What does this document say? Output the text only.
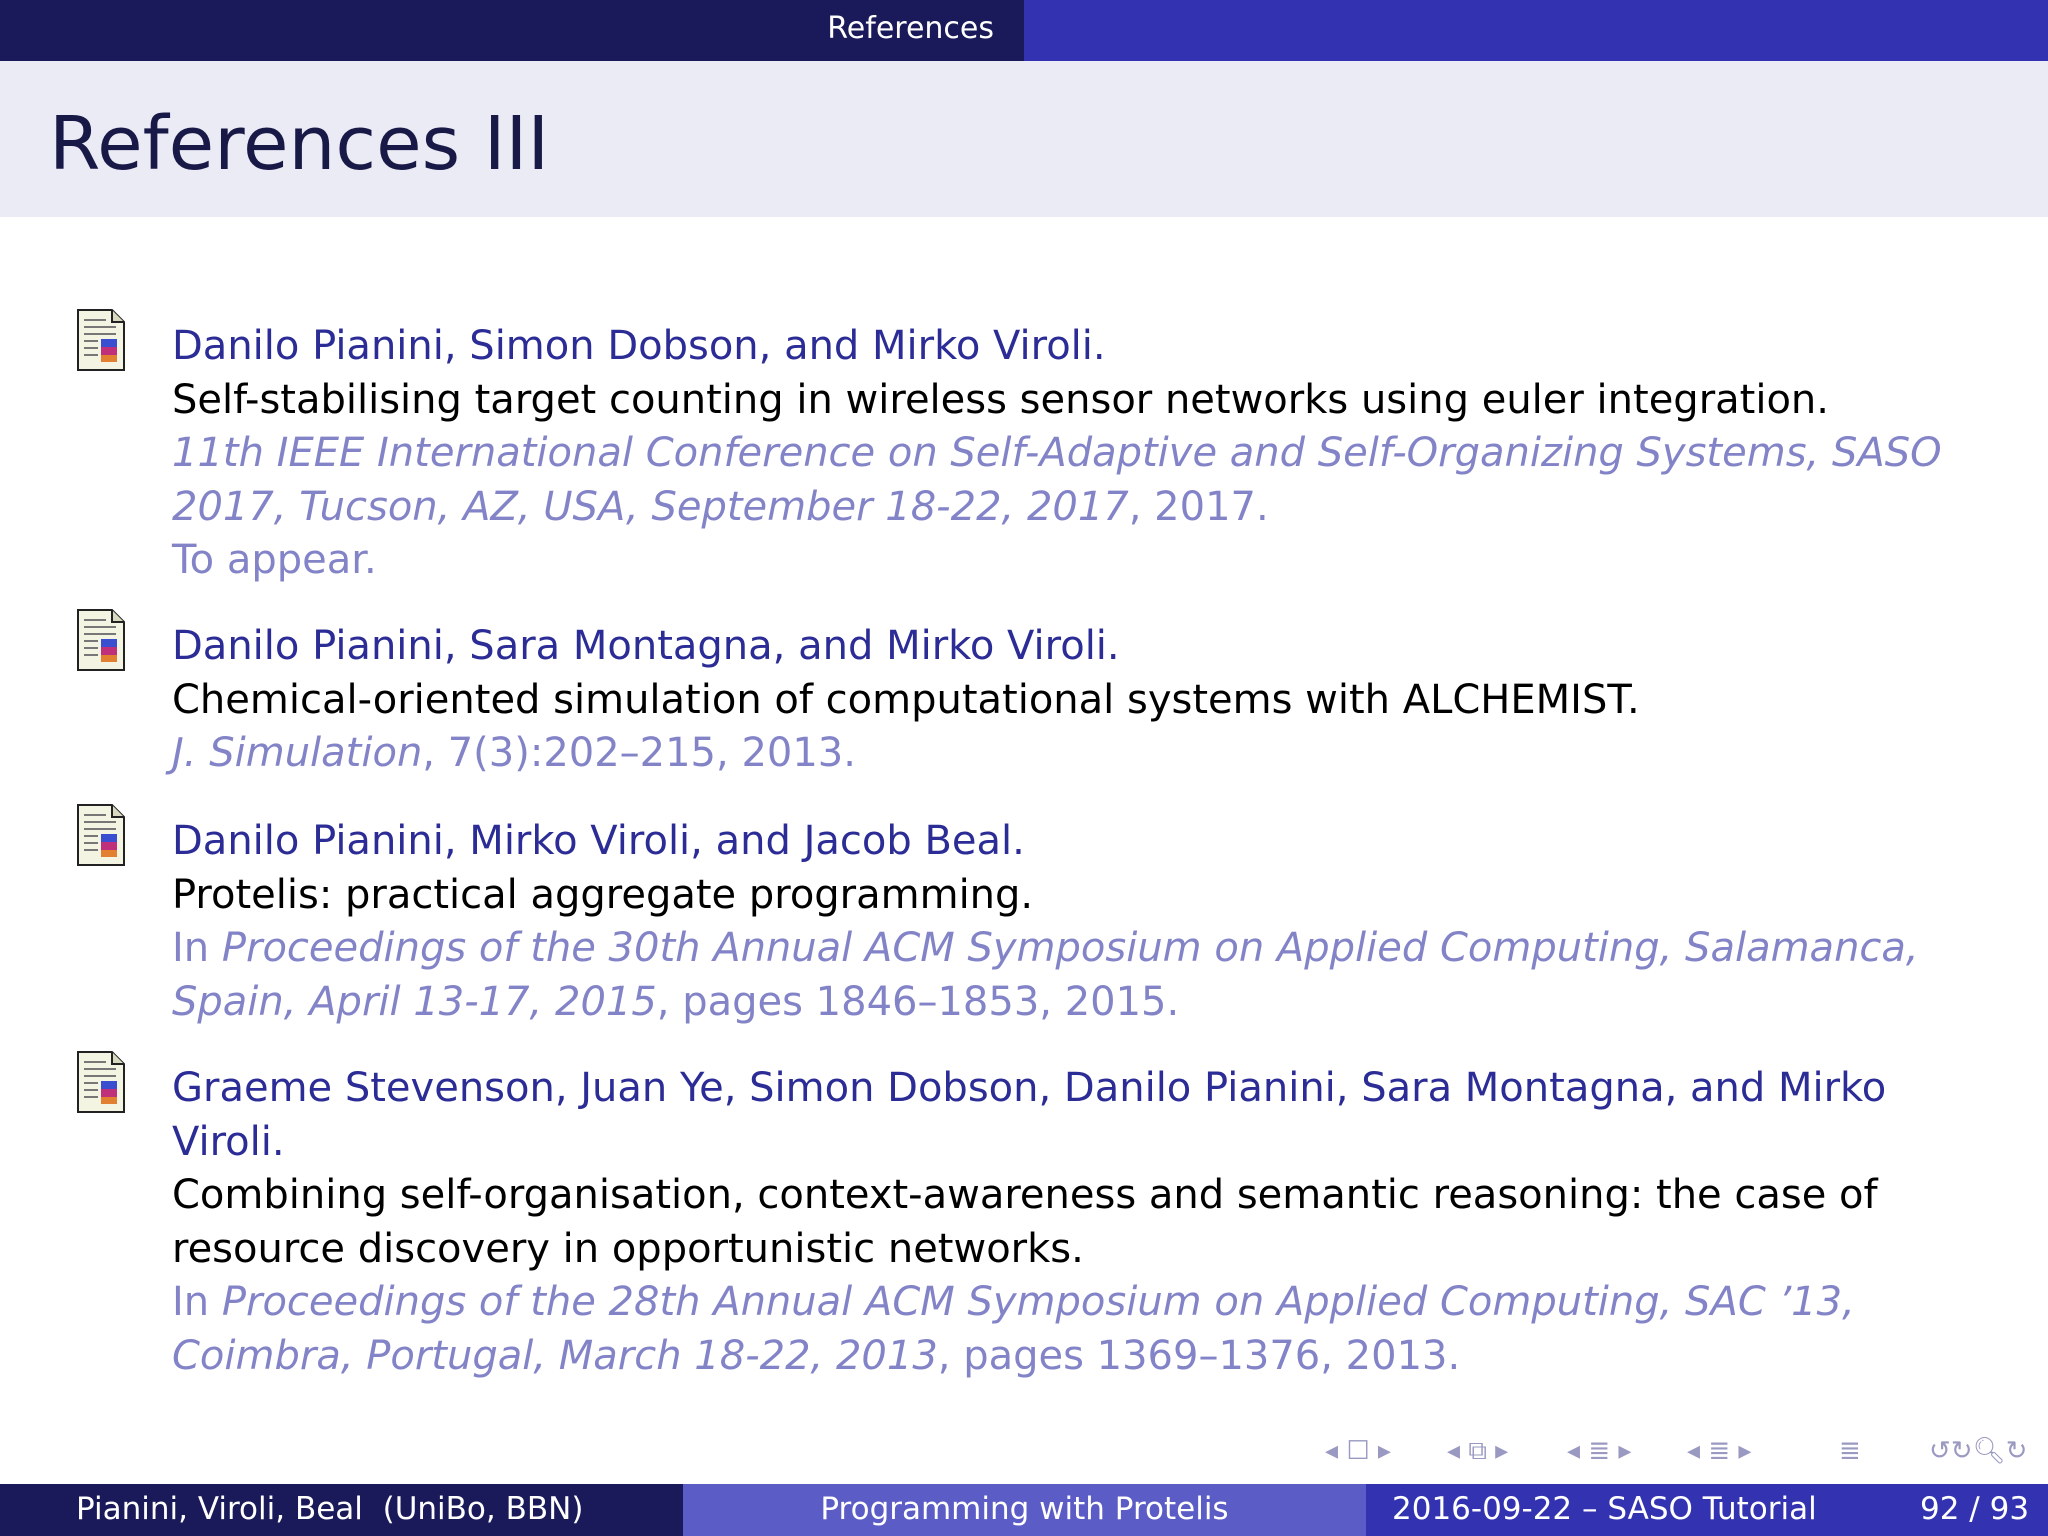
References
References III
Danilo Pianini, Simon Dobson, and Mirko Viroli.
Self-stabilising target counting in wireless sensor networks using euler integration.
11th IEEE International Conference on Self-Adaptive and Self-Organizing Systems, SASO
2017, Tucson, AZ, USA, September 18-22, 2017, 2017.
To appear.
Danilo Pianini, Sara Montagna, and Mirko Viroli.
Chemical-oriented simulation of computational systems with ALCHEMIST.
J. Simulation, 7(3):202–215, 2013.
Danilo Pianini, Mirko Viroli, and Jacob Beal.
Protelis: practical aggregate programming.
In Proceedings of the 30th Annual ACM Symposium on Applied Computing, Salamanca,
Spain, April 13-17, 2015, pages 1846–1853, 2015.
Graeme Stevenson, Juan Ye, Simon Dobson, Danilo Pianini, Sara Montagna, and Mirko
Viroli.
Combining self-organisation, context-awareness and semantic reasoning: the case of
resource discovery in opportunistic networks.
In Proceedings of the 28th Annual ACM Symposium on Applied Computing, SAC ’13,
Coimbra, Portugal, March 18-22, 2013, pages 1369–1376, 2013.
◂ ☐ ▸ ◂ ⧉ ▸ ◂ ≣ ▸ ◂ ≣ ▸	≣	↺↻🔍︎↻
Pianini, Viroli, Beal  (UniBo, BBN)	Programming with Protelis	2016-09-22 – SASO Tutorial	92 / 93
